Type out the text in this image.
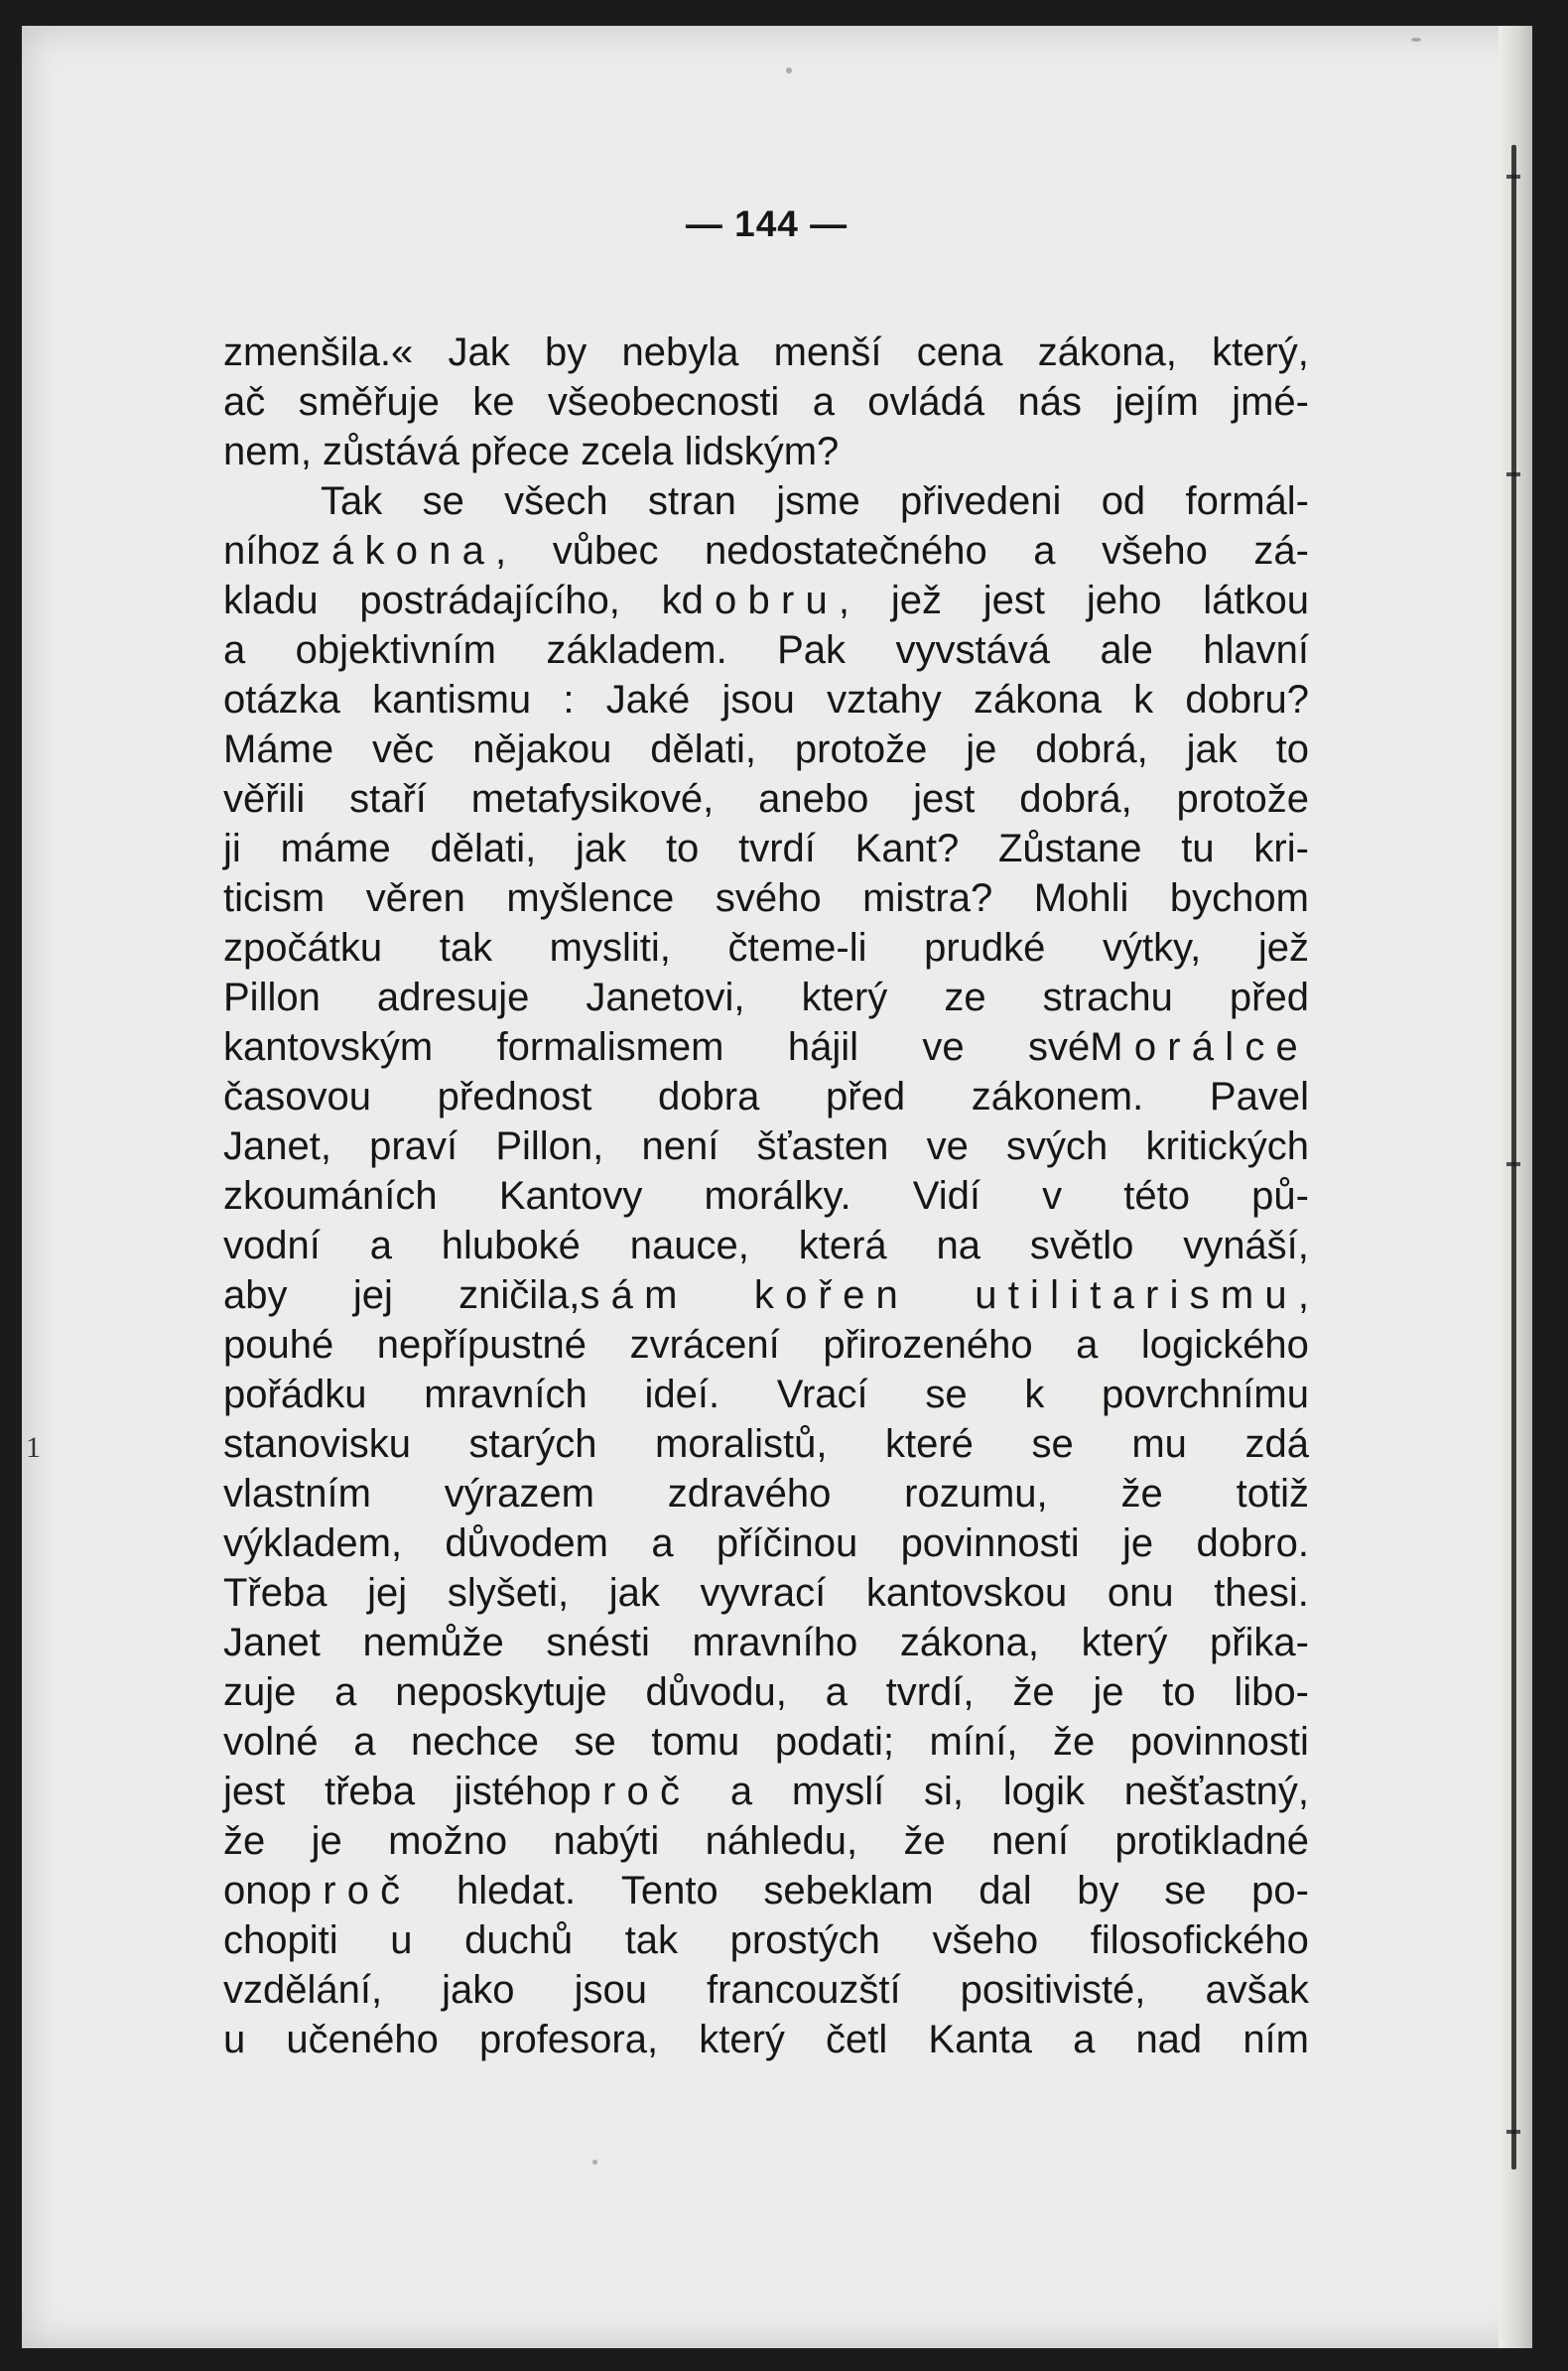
1
— 144 —
zmenšila.« Jak by nebyla menší cena zákona, který,
ač směřuje ke všeobecnosti a ovládá nás jejím jmé-
nem, zůstává přece zcela lidským?
Tak se všech stran jsme přivedeni od formál-
níhozákona, vůbec nedostatečného a všeho zá-
kladu postrádajícího, kdobru, jež jest jeho látkou
a objektivním základem. Pak vyvstává ale hlavní
otázka kantismu : Jaké jsou vztahy zákona k dobru?
Máme věc nějakou dělati, protože je dobrá, jak to
věřili staří metafysikové, anebo jest dobrá, protože
ji máme dělati, jak to tvrdí Kant? Zůstane tu kri-
ticism věren myšlence svého mistra? Mohli bychom
zpočátku tak mysliti, čteme-li prudké výtky, jež
Pillon adresuje Janetovi, který ze strachu před
kantovským formalismem hájil ve svéMorálce
časovou přednost dobra před zákonem. Pavel
Janet, praví Pillon, není šťasten ve svých kritických
zkoumáních Kantovy morálky. Vidí v této pů-
vodní a hluboké nauce, která na světlo vynáší,
aby jej zničila,sám kořen utilitarismu,
pouhé nepřípustné zvrácení přirozeného a logického
pořádku mravních ideí. Vrací se k povrchnímu
stanovisku starých moralistů, které se mu zdá
vlastním výrazem zdravého rozumu, že totiž
výkladem, důvodem a příčinou povinnosti je dobro.
Třeba jej slyšeti, jak vyvrací kantovskou onu thesi.
Janet nemůže snésti mravního zákona, který přika-
zuje a neposkytuje důvodu, a tvrdí, že je to libo-
volné a nechce se tomu podati; míní, že povinnosti
jest třeba jistéhoproč a myslí si, logik nešťastný,
že je možno nabýti náhledu, že není protikladné
onoproč hledat. Tento sebeklam dal by se po-
chopiti u duchů tak prostých všeho filosofického
vzdělání, jako jsou francouzští positivisté, avšak
u učeného profesora, který četl Kanta a nad ním
